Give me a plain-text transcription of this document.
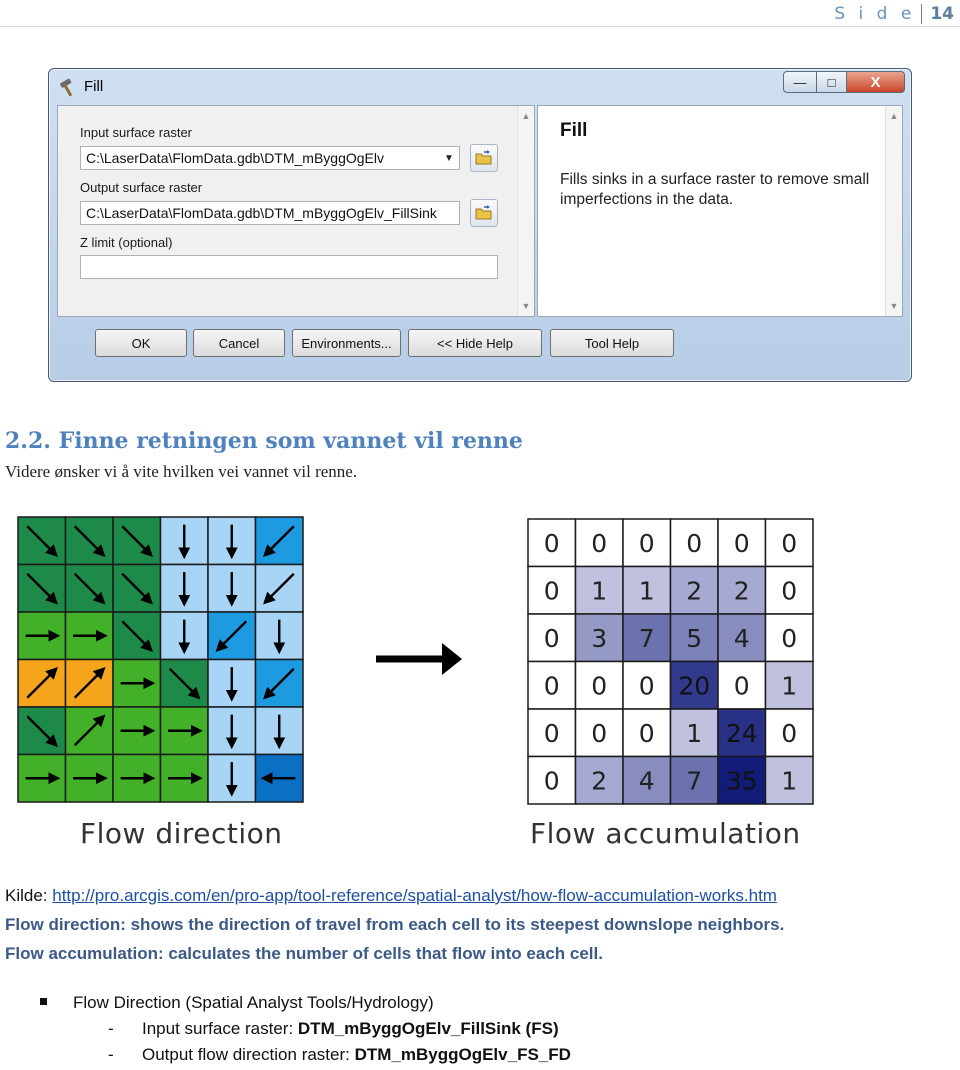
S i d e 14
Fill	—	□	X
Input surface raster
C:\LaserData\FlomData.gdb\DTM_mByggOgElv	▼
Output surface raster
C:\LaserData\FlomData.gdb\DTM_mByggOgElv_FillSink
Z limit (optional)
▲
▼
Fill

Fills sinks in a surface raster to remove small imperfections in the data.

▲
▼
OK	Cancel	Environments...	<< Hide Help	Tool Help
2.2. Finne retningen som vannet vil renne

Videre ønsker vi å vite hvilken vei vannet vil renne.

0 0 0 0 0 0
0 1 1 2 2 0
0 3 7 5 4 0
0 0 0 20 0 1
0 0 0 1 24 0
0 2 4 7 35 1
Flow direction	Flow accumulation
Kilde: http://pro.arcgis.com/en/pro-app/tool-reference/spatial-analyst/how-flow-accumulation-works.htm
Flow direction: shows the direction of travel from each cell to its steepest downslope neighbors.
Flow accumulation: calculates the number of cells that flow into each cell.
Flow Direction (Spatial Analyst Tools/Hydrology)
- Input surface raster: DTM_mByggOgElv_FillSink (FS)
- Output flow direction raster: DTM_mByggOgElv_FS_FD
